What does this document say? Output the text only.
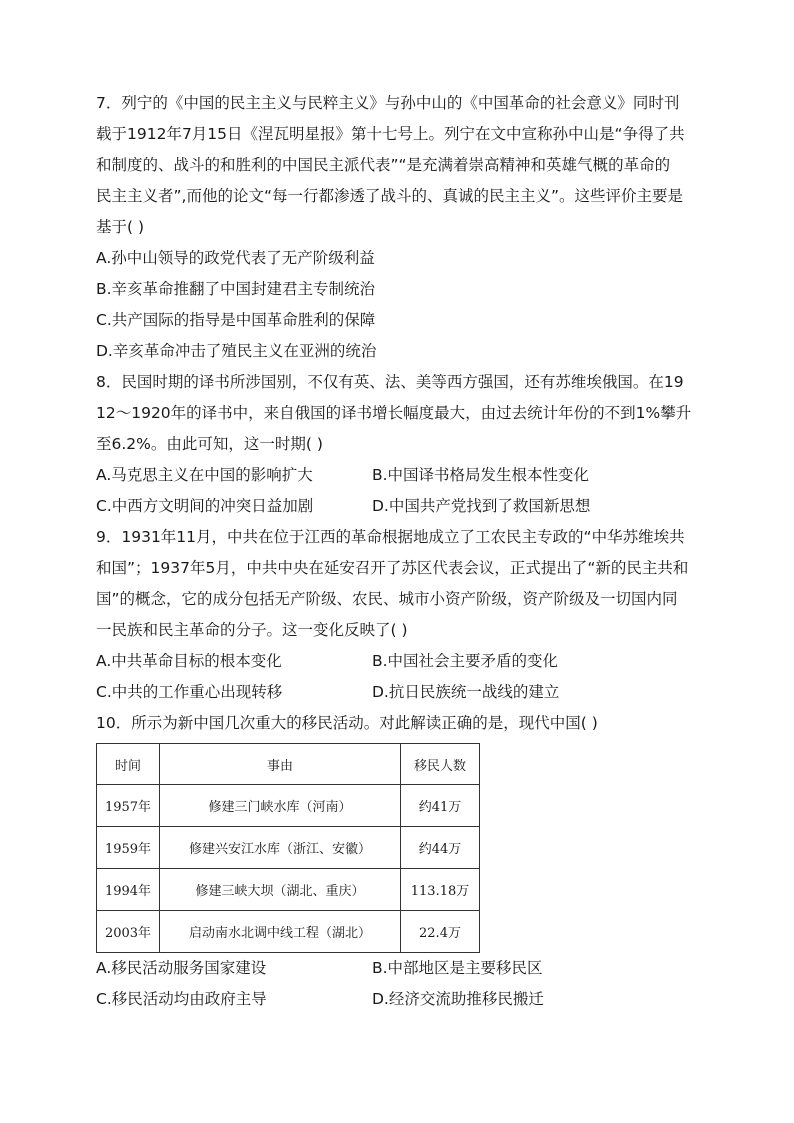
7．列宁的《中国的民主主义与民粹主义》与孙中山的《中国革命的社会意义》同时刊
载于1912年7月15日《涅瓦明星报》第十七号上。列宁在文中宣称孙中山是“争得了共
和制度的、战斗的和胜利的中国民主派代表”“是充满着崇高精神和英雄气概的革命的
民主主义者”,而他的论文“每一行都渗透了战斗的、真诚的民主主义”。这些评价主要是
基于( )
A.孙中山领导的政党代表了无产阶级利益
B.辛亥革命推翻了中国封建君主专制统治
C.共产国际的指导是中国革命胜利的保障
D.辛亥革命冲击了殖民主义在亚洲的统治
8．民国时期的译书所涉国别，不仅有英、法、美等西方强国，还有苏维埃俄国。在19
12～1920年的译书中，来自俄国的译书增长幅度最大，由过去统计年份的不到1%攀升
至6.2%。由此可知，这一时期( )
A.马克思主义在中国的影响扩大	B.中国译书格局发生根本性变化
C.中西方文明间的冲突日益加剧	D.中国共产党找到了救国新思想
9．1931年11月，中共在位于江西的革命根据地成立了工农民主专政的“中华苏维埃共
和国”；1937年5月，中共中央在延安召开了苏区代表会议，正式提出了“新的民主共和
国”的概念，它的成分包括无产阶级、农民、城市小资产阶级，资产阶级及一切国内同
一民族和民主革命的分子。这一变化反映了( )
A.中共革命目标的根本变化	B.中国社会主要矛盾的变化
C.中共的工作重心出现转移	D.抗日民族统一战线的建立
10．所示为新中国几次重大的移民活动。对此解读正确的是，现代中国( )
时间	事由	移民人数
1957年	修建三门峡水库（河南）	约41万
1959年	修建兴安江水库（浙江、安徽）	约44万
1994年	修建三峡大坝（湖北、重庆）	113.18万
2003年	启动南水北调中线工程（湖北）	22.4万
A.移民活动服务国家建设	B.中部地区是主要移民区
C.移民活动均由政府主导	D.经济交流助推移民搬迁
